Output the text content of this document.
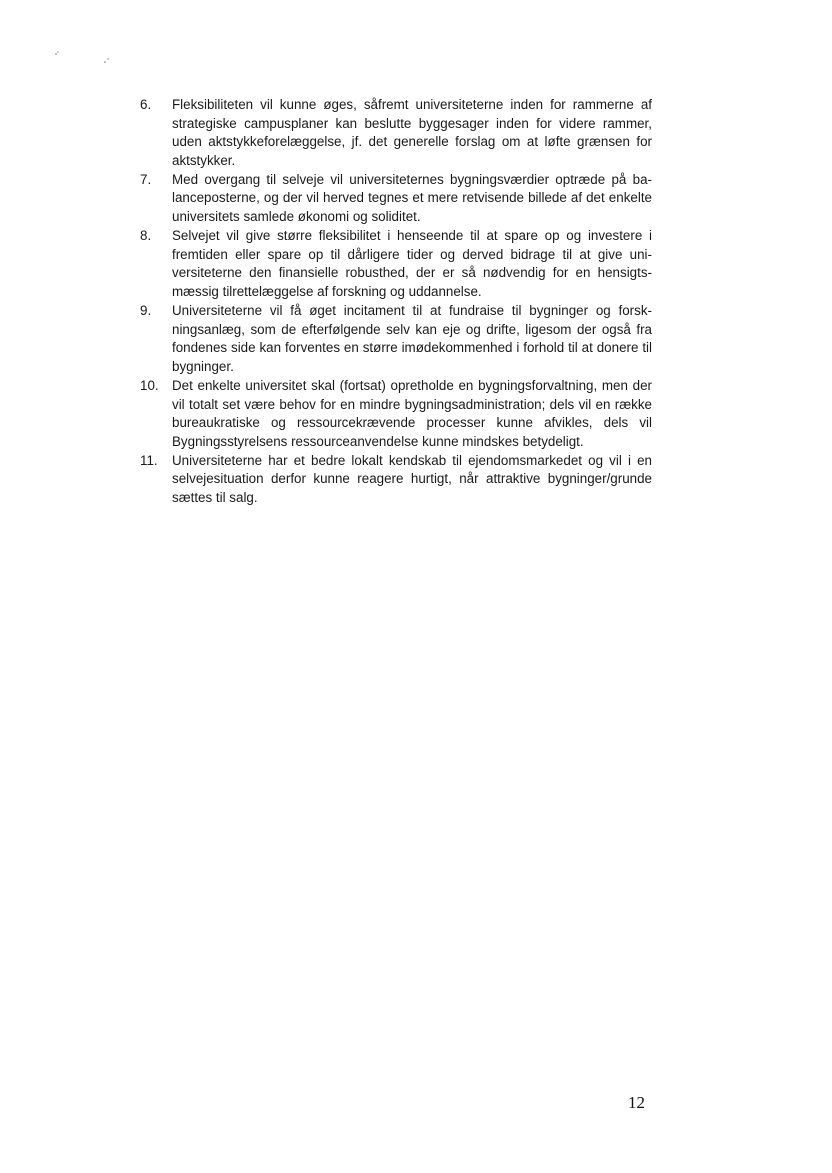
6.	Fleksibiliteten vil kunne øges, såfremt universiteterne inden for rammerne af strategiske campusplaner kan beslutte byggesager inden for videre rammer, uden aktstykkeforelæggelse, jf. det generelle forslag om at løfte grænsen for aktstykker.
7.	Med overgang til selveje vil universiteternes bygningsværdier optræde på balanceposterne, og der vil herved tegnes et mere retvisende billede af det enkelte universitets samlede økonomi og soliditet.
8.	Selvejet vil give større fleksibilitet i henseende til at spare op og investere i fremtiden eller spare op til dårligere tider og derved bidrage til at give universiteterne den finansielle robusthed, der er så nødvendig for en hensigtsmæssig tilrettelæggelse af forskning og uddannelse.
9.	Universiteterne vil få øget incitament til at fundraise til bygninger og forskningsanlæg, som de efterfølgende selv kan eje og drifte, ligesom der også fra fondenes side kan forventes en større imødekommenhed i forhold til at donere til bygninger.
10. Det enkelte universitet skal (fortsat) opretholde en bygningsforvaltning, men der vil totalt set være behov for en mindre bygningsadministration; dels vil en række bureaukratiske og ressourcekrævende processer kunne afvikles, dels vil Bygningsstyrelsens ressourceanvendelse kunne mindskes betydeligt.
11.	Universiteterne har et bedre lokalt kendskab til ejendomsmarkedet og vil i en selvejesituation derfor kunne reagere hurtigt, når attraktive bygninger/grunde sættes til salg.
12
